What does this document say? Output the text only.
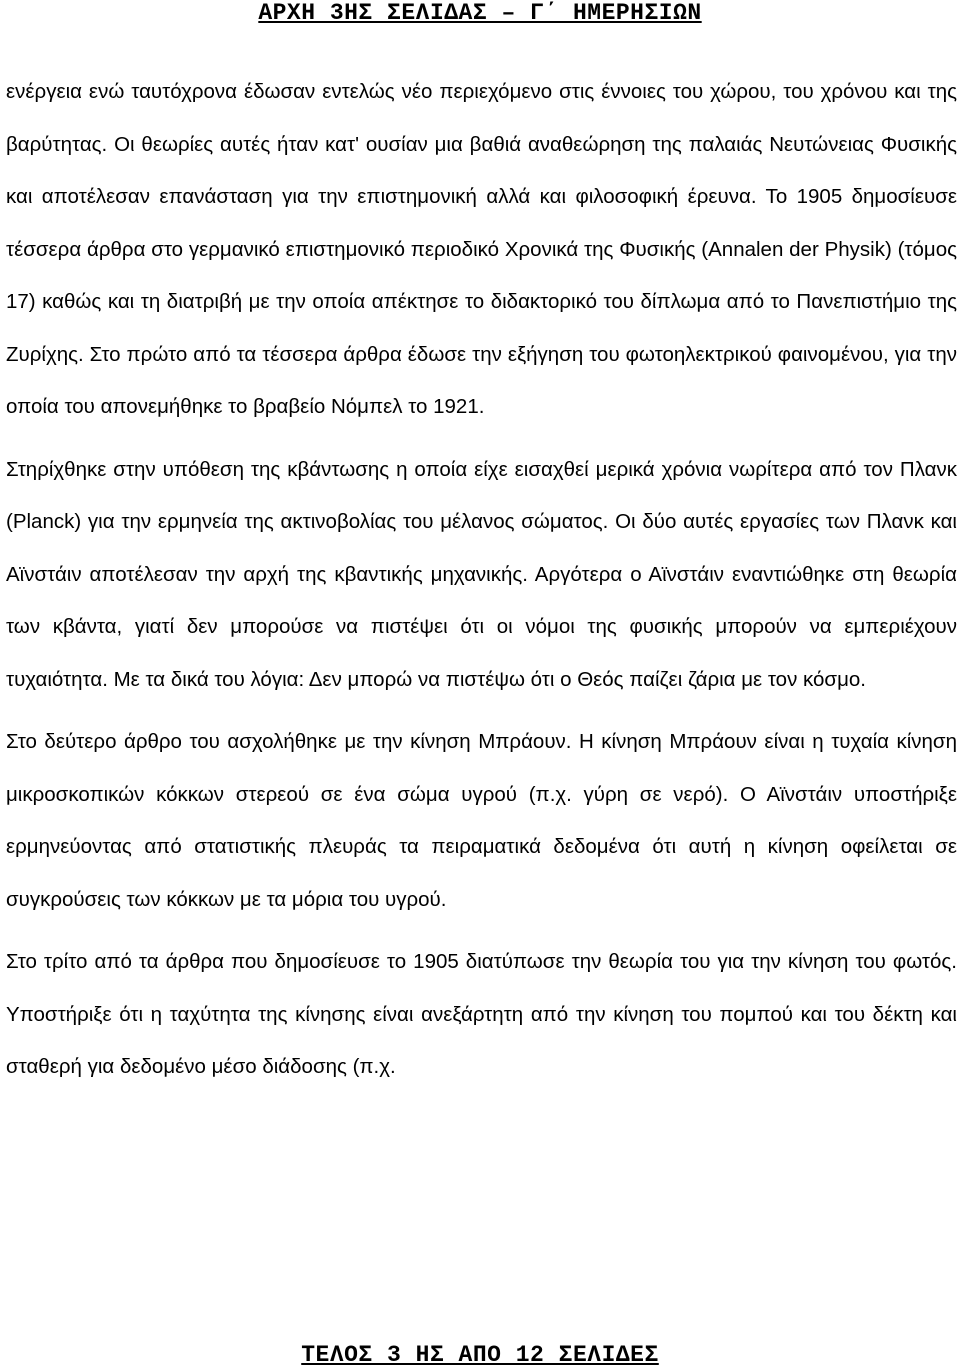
ΑΡΧΗ 3ΗΣ ΣΕΛΙΔΑΣ – Γ΄ ΗΜΕΡΗΣΙΩΝ

ενέργεια ενώ ταυτόχρονα έδωσαν εντελώς νέο περιεχόμενο στις έννοιες του χώρου, του χρόνου και της βαρύτητας. Οι θεωρίες αυτές ήταν κατ' ουσίαν μια βαθιά αναθεώρηση της παλαιάς Νευτώνειας Φυσικής και αποτέλεσαν επανάσταση για την επιστημονική αλλά και φιλοσοφική έρευνα. Το 1905 δημοσίευσε τέσσερα άρθρα στο γερμανικό επιστημονικό περιοδικό Χρονικά της Φυσικής (Annalen der Physik) (τόμος 17) καθώς και τη διατριβή με την οποία απέκτησε το διδακτορικό του δίπλωμα από το Πανεπιστήμιο της Ζυρίχης. Στο πρώτο από τα τέσσερα άρθρα έδωσε την εξήγηση του φωτοηλεκτρικού φαινομένου, για την οποία του απονεμήθηκε το βραβείο Νόμπελ το 1921.

Στηρίχθηκε στην υπόθεση της κβάντωσης η οποία είχε εισαχθεί μερικά χρόνια νωρίτερα από τον Πλανκ (Planck) για την ερμηνεία της ακτινοβολίας του μέλανος σώματος. Οι δύο αυτές εργασίες των Πλανκ και Αϊνστάιν αποτέλεσαν την αρχή της κβαντικής μηχανικής. Αργότερα ο Αϊνστάιν εναντιώθηκε στη θεωρία των κβάντα, γιατί δεν μπορούσε να πιστέψει ότι οι νόμοι της φυσικής μπορούν να εμπεριέχουν τυχαιότητα. Με τα δικά του λόγια: Δεν μπορώ να πιστέψω ότι ο Θεός παίζει ζάρια με τον κόσμο.

Στο δεύτερο άρθρο του ασχολήθηκε με την κίνηση Μπράουν. Η κίνηση Μπράουν είναι η τυχαία κίνηση μικροσκοπικών κόκκων στερεού σε ένα σώμα υγρού (π.χ. γύρη σε νερό). Ο Αϊνστάιν υποστήριξε ερμηνεύοντας από στατιστικής πλευράς τα πειραματικά δεδομένα ότι αυτή η κίνηση οφείλεται σε συγκρούσεις των κόκκων με τα μόρια του υγρού.

Στο τρίτο από τα άρθρα που δημοσίευσε το 1905 διατύπωσε την θεωρία του για την κίνηση του φωτός. Υποστήριξε ότι η ταχύτητα της κίνησης είναι ανεξάρτητη από την κίνηση του πομπού και του δέκτη και σταθερή για δεδομένο μέσο διάδοσης (π.χ.

ΤΕΛΟΣ 3 ΗΣ ΑΠΟ 12 ΣΕΛΙΔΕΣ
